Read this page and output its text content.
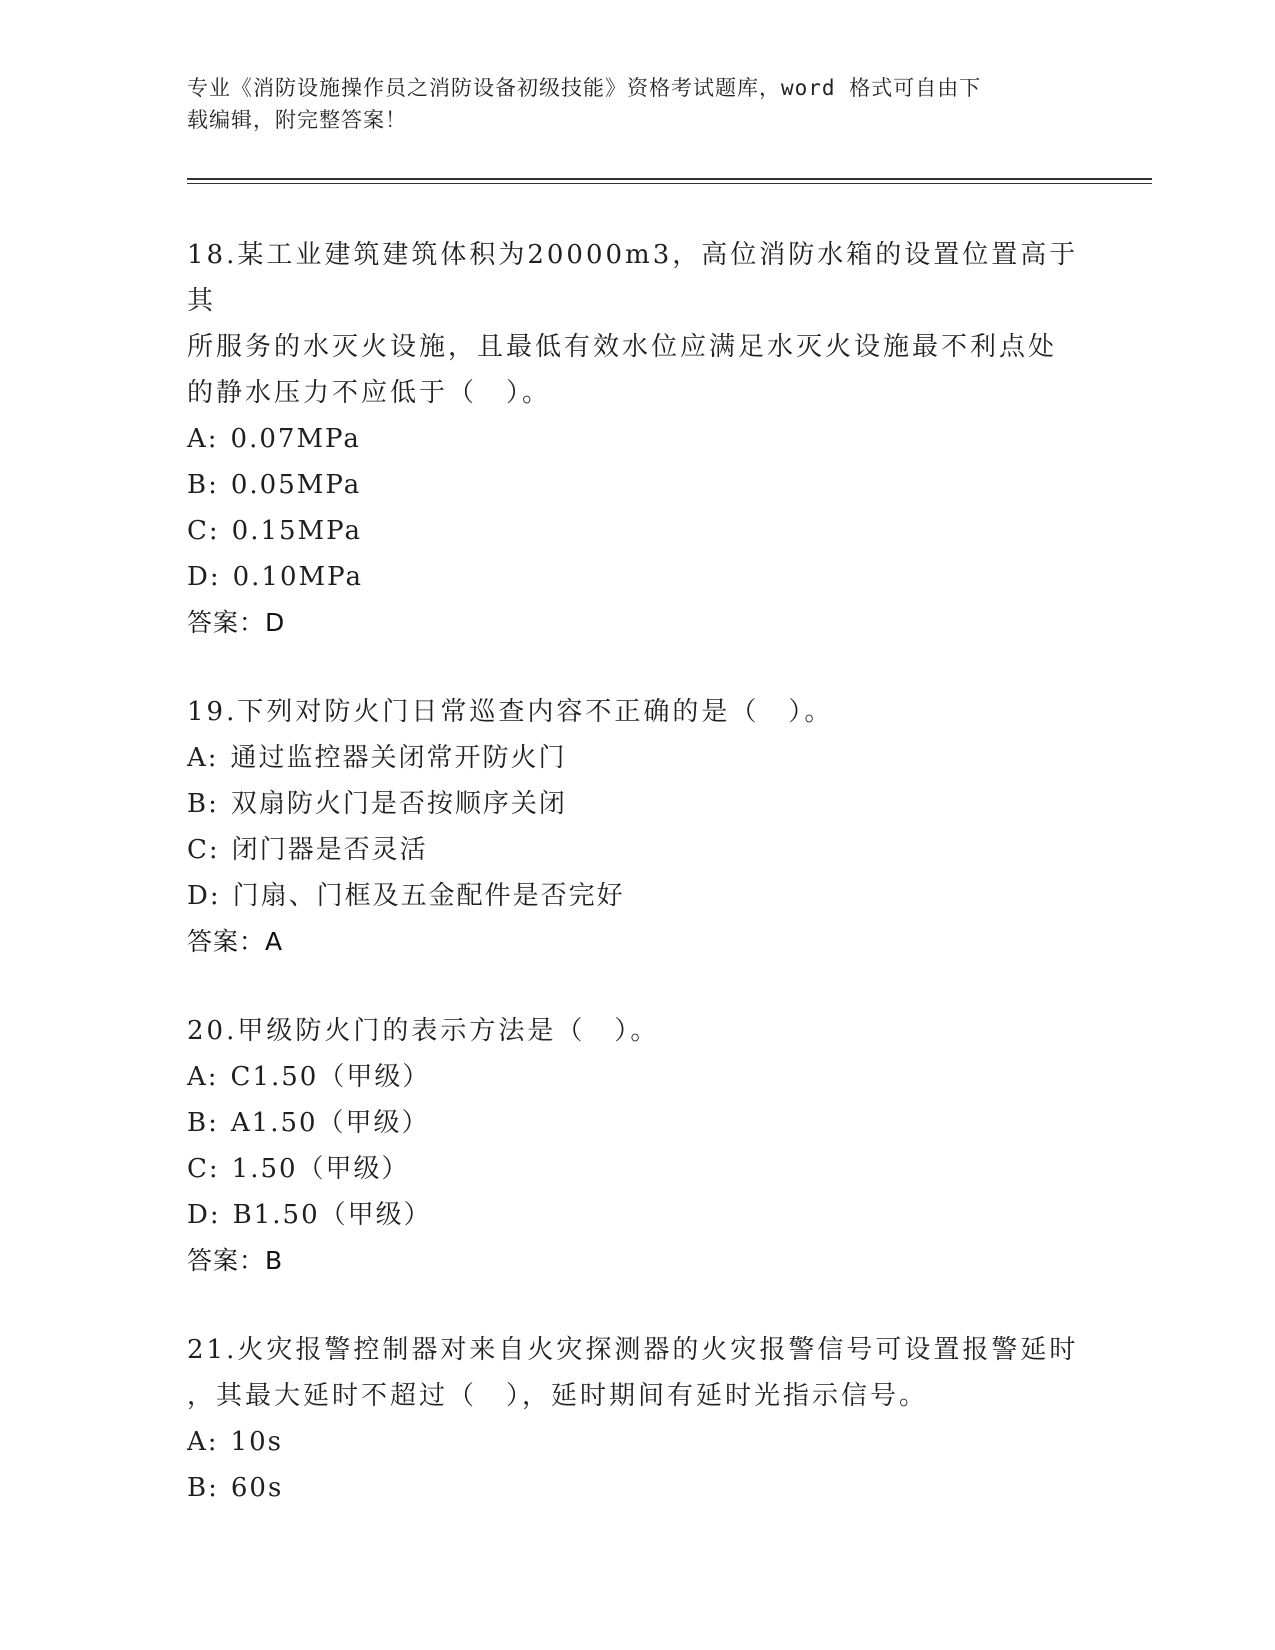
专业《消防设施操作员之消防设备初级技能》资格考试题库，word 格式可自由下
载编辑，附完整答案！
18.某工业建筑建筑体积为20000m3，高位消防水箱的设置位置高于其
所服务的水灭火设施，且最低有效水位应满足水灭火设施最不利点处
的静水压力不应低于（　）。
A: 0.07MPa
B: 0.05MPa
C: 0.15MPa
D: 0.10MPa
答案：D
19.下列对防火门日常巡查内容不正确的是（　）。
A: 通过监控器关闭常开防火门
B: 双扇防火门是否按顺序关闭
C: 闭门器是否灵活
D: 门扇、门框及五金配件是否完好
答案：A
20.甲级防火门的表示方法是（　）。
A: C1.50（甲级）
B: A1.50（甲级）
C: 1.50（甲级）
D: B1.50（甲级）
答案：B
21.火灾报警控制器对来自火灾探测器的火灾报警信号可设置报警延时
，其最大延时不超过（　），延时期间有延时光指示信号。
A: 10s
B: 60s
